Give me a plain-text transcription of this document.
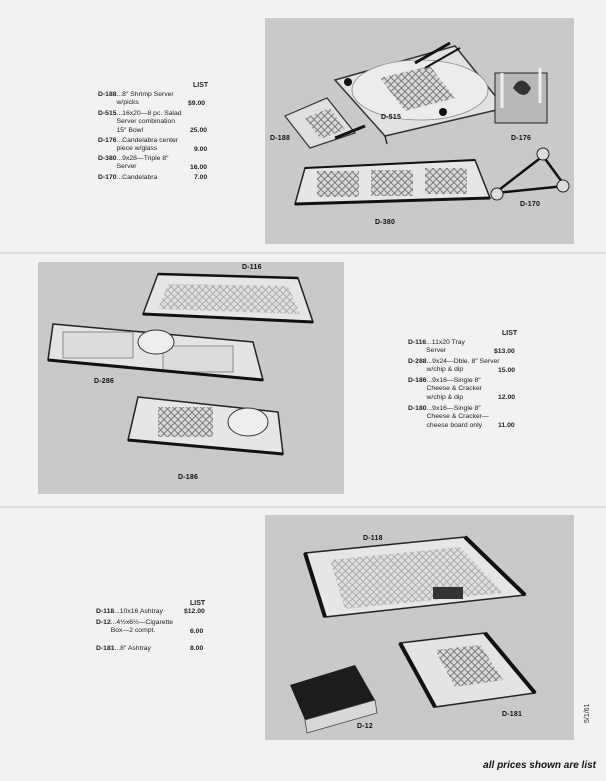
LIST
D-188 ...8″ Shrimp Server
w/picks	$9.00
D-515 ...16x20—8 pc. Salad
Server combination
15″ Bowl	25.00
D-176 ...Candelabra center
piece w/glass	9.00
D-380 ...9x28—Triple 8″
Server	16.00
D-170 ...Candelabra	7.00
D-188
D-515
D-176
D-380
D-170
D-116
D-286
D-186
LIST
D-116 ...11x20 Tray
Server	$13.00
D-288 ...9x24—Dble. 8″ Server
w/chip & dip	15.00
D-186 ...9x16—Single 8″
Cheese & Cracker
w/chip & dip	12.00
D-180 ...9x16—Single 8″
Cheese & Cracker—
cheese board only	11.00
LIST
D-118 ...10x16 Ashtray	$12.00
D-12 ...4½x6½—Cigarette
Box—2 compt.	6.00
D-181 ...8″ Ashtray	8.00
D-118
D-12
D-181	5/1/61
all prices shown are list
